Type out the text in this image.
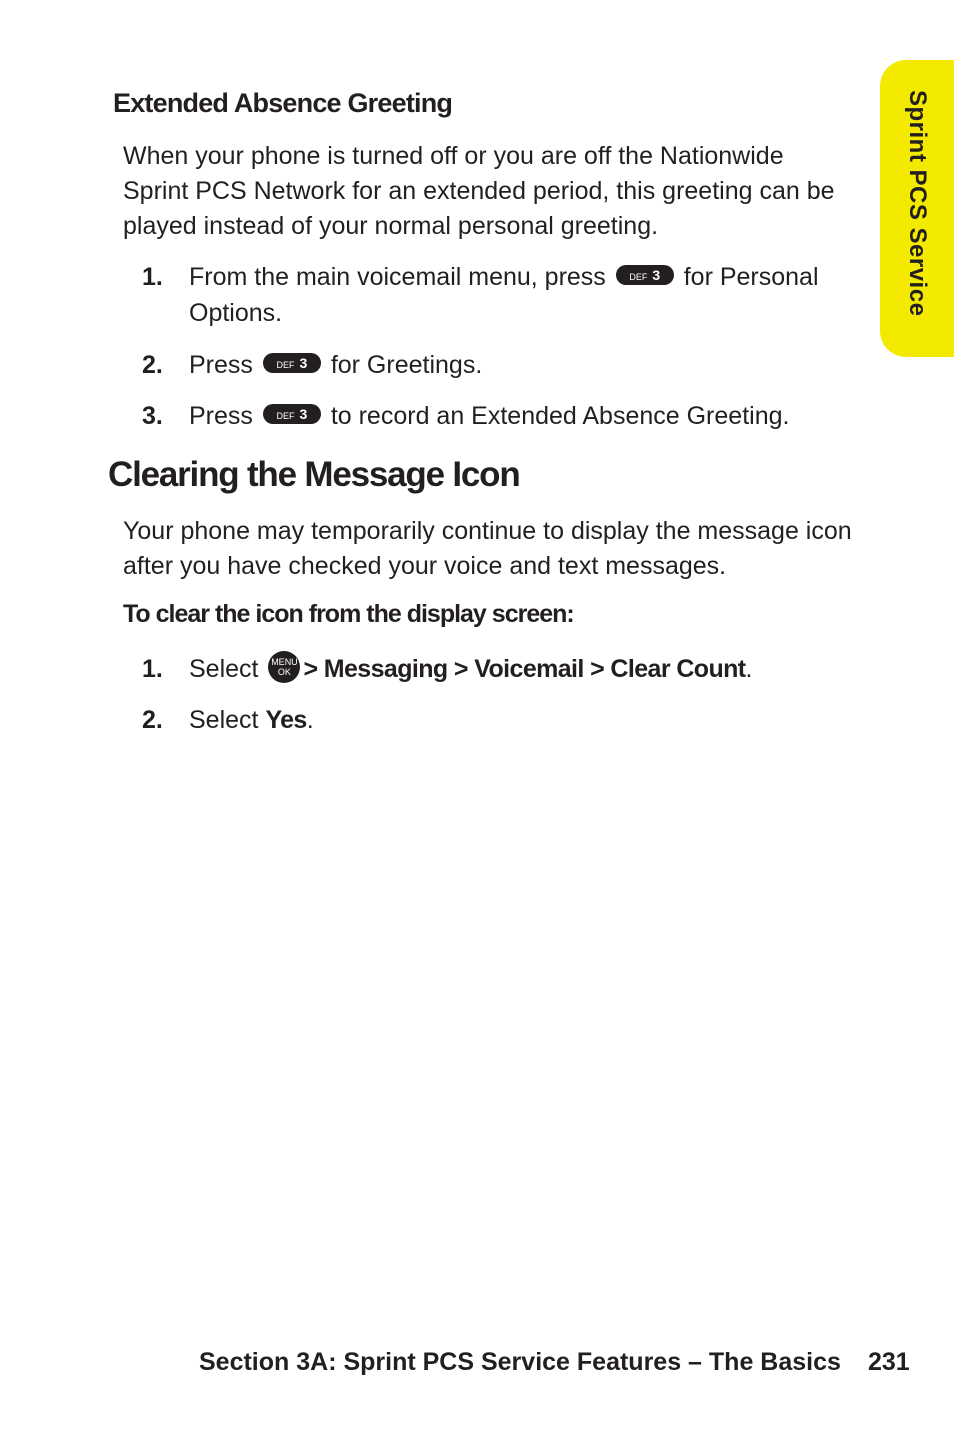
Sprint PCS Service
Extended Absence Greeting
When your phone is turned off or you are off the Nationwide Sprint PCS Network for an extended period, this greeting can be played instead of your normal personal greeting.
1. From the main voicemail menu, press	DEF 3 for Personal Options.
2. Press	DEF 3 for Greetings.
3. Press	DEF 3 to record an Extended Absence Greeting.
Clearing the Message Icon
Your phone may temporarily continue to display the message icon after you have checked your voice and text messages.
To clear the icon from the display screen:
1. Select	MENU
OK > Messaging > Voicemail > Clear Count.
2. Select Yes.
Section 3A: Sprint PCS Service Features – The Basics 231
